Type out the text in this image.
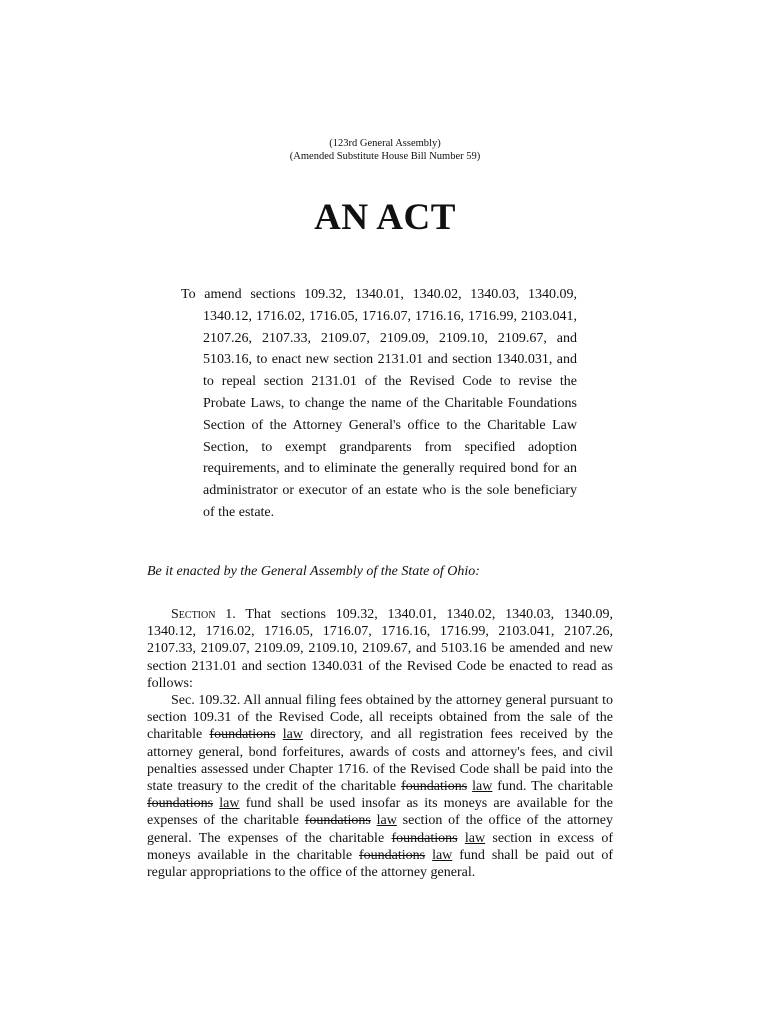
(123rd General Assembly)
(Amended Substitute House Bill Number 59)
AN ACT
To amend sections 109.32, 1340.01, 1340.02, 1340.03, 1340.09, 1340.12, 1716.02, 1716.05, 1716.07, 1716.16, 1716.99, 2103.041, 2107.26, 2107.33, 2109.07, 2109.09, 2109.10, 2109.67, and 5103.16, to enact new section 2131.01 and section 1340.031, and to repeal section 2131.01 of the Revised Code to revise the Probate Laws, to change the name of the Charitable Foundations Section of the Attorney General's office to the Charitable Law Section, to exempt grandparents from specified adoption requirements, and to eliminate the generally required bond for an administrator or executor of an estate who is the sole beneficiary of the estate.
Be it enacted by the General Assembly of the State of Ohio:

Section 1. That sections 109.32, 1340.01, 1340.02, 1340.03, 1340.09, 1340.12, 1716.02, 1716.05, 1716.07, 1716.16, 1716.99, 2103.041, 2107.26, 2107.33, 2109.07, 2109.09, 2109.10, 2109.67, and 5103.16 be amended and new section 2131.01 and section 1340.031 of the Revised Code be enacted to read as follows:

Sec. 109.32. All annual filing fees obtained by the attorney general pursuant to section 109.31 of the Revised Code, all receipts obtained from the sale of the charitable foundations law directory, and all registration fees received by the attorney general, bond forfeitures, awards of costs and attorney's fees, and civil penalties assessed under Chapter 1716. of the Revised Code shall be paid into the state treasury to the credit of the charitable foundations law fund. The charitable foundations law fund shall be used insofar as its moneys are available for the expenses of the charitable foundations law section of the office of the attorney general. The expenses of the charitable foundations law section in excess of moneys available in the charitable foundations law fund shall be paid out of regular appropriations to the office of the attorney general.
